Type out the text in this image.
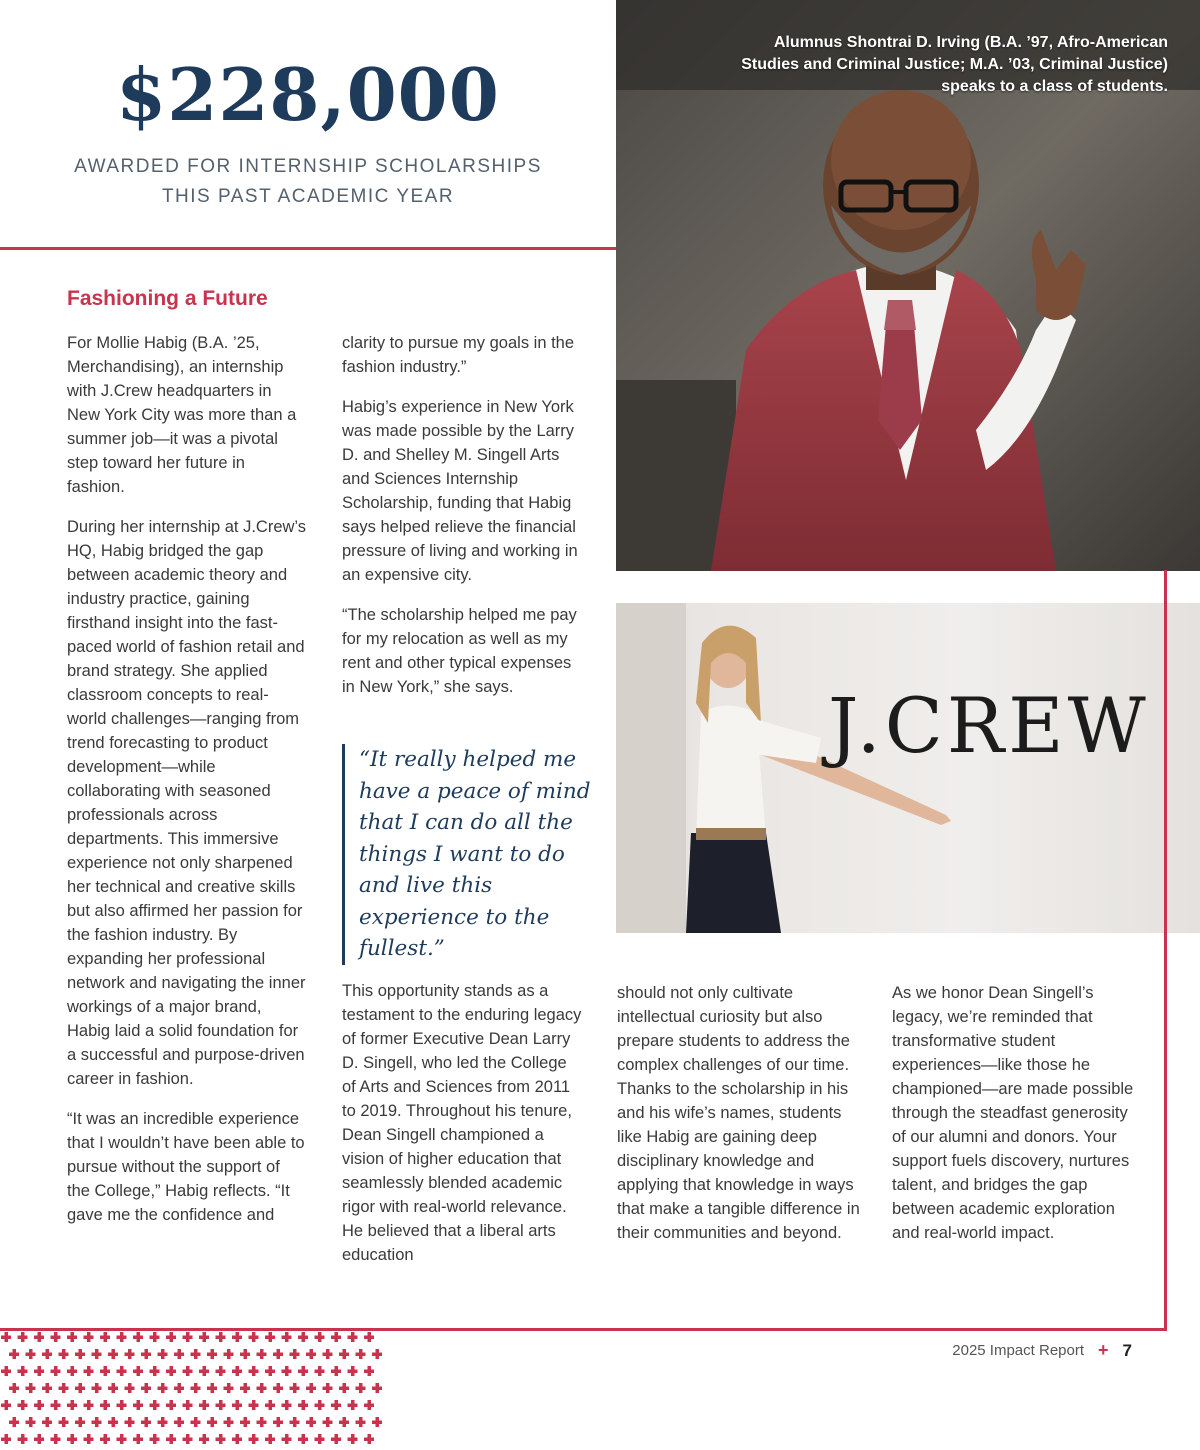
$228,000
AWARDED FOR INTERNSHIP SCHOLARSHIPS
THIS PAST ACADEMIC YEAR
Alumnus Shontrai D. Irving (B.A. ’97, Afro-American Studies and Criminal Justice; M.A. ’03, Criminal Justice) speaks to a class of students.
J.CREW
Fashioning a Future

For Mollie Habig (B.A. ’25, Merchandising), an internship with J.Crew headquarters in New York City was more than a summer job—it was a pivotal step toward her future in fashion.

During her internship at J.Crew’s HQ, Habig bridged the gap between academic theory and industry practice, gaining firsthand insight into the fast-paced world of fashion retail and brand strategy. She applied classroom concepts to real-world challenges—ranging from trend forecasting to product development—while collaborating with seasoned professionals across departments. This immersive experience not only sharpened her technical and creative skills but also affirmed her passion for the fashion industry. By expanding her professional network and navigating the inner workings of a major brand, Habig laid a solid foundation for a successful and purpose-driven career in fashion.

“It was an incredible experience that I wouldn’t have been able to pursue without the support of the College,” Habig reflects. “It gave me the confidence and

clarity to pursue my goals in the fashion industry.”

Habig’s experience in New York was made possible by the Larry D. and Shelley M. Singell Arts and Sciences Internship Scholarship, funding that Habig says helped relieve the financial pressure of living and working in an expensive city.

“The scholarship helped me pay for my relocation as well as my rent and other typical expenses in New York,” she says.

“It really helped me have a peace of mind that I can do all the things I want to do and live this experience to the fullest.”

This opportunity stands as a testament to the enduring legacy of former Executive Dean Larry D. Singell, who led the College of Arts and Sciences from 2011 to 2019. Throughout his tenure, Dean Singell championed a vision of higher education that seamlessly blended academic rigor with real-world relevance. He believed that a liberal arts education

should not only cultivate intellectual curiosity but also prepare students to address the complex challenges of our time. Thanks to the scholarship in his and his wife’s names, students like Habig are gaining deep disciplinary knowledge and applying that knowledge in ways that make a tangible difference in their communities and beyond.

As we honor Dean Singell’s legacy, we’re reminded that transformative student experiences—like those he championed—are made possible through the steadfast generosity of our alumni and donors. Your support fuels discovery, nurtures talent, and bridges the gap between academic exploration and real-world impact.

2025 Impact Report + 7
